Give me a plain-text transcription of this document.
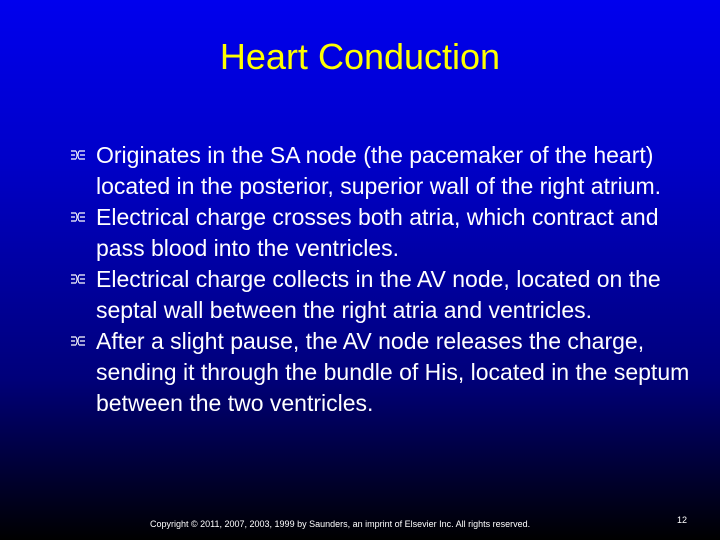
Heart Conduction
Originates in the SA node (the pacemaker of the heart) located in the posterior, superior wall of the right atrium.
Electrical charge crosses both atria, which contract and pass blood into the ventricles.
Electrical charge collects in the AV node, located on the septal wall between the right atria and ventricles.
After a slight pause, the AV node releases the charge, sending it through the bundle of His, located in the septum between the two ventricles.
Copyright © 2011, 2007, 2003, 1999 by Saunders, an imprint of Elsevier Inc. All rights reserved.	12
